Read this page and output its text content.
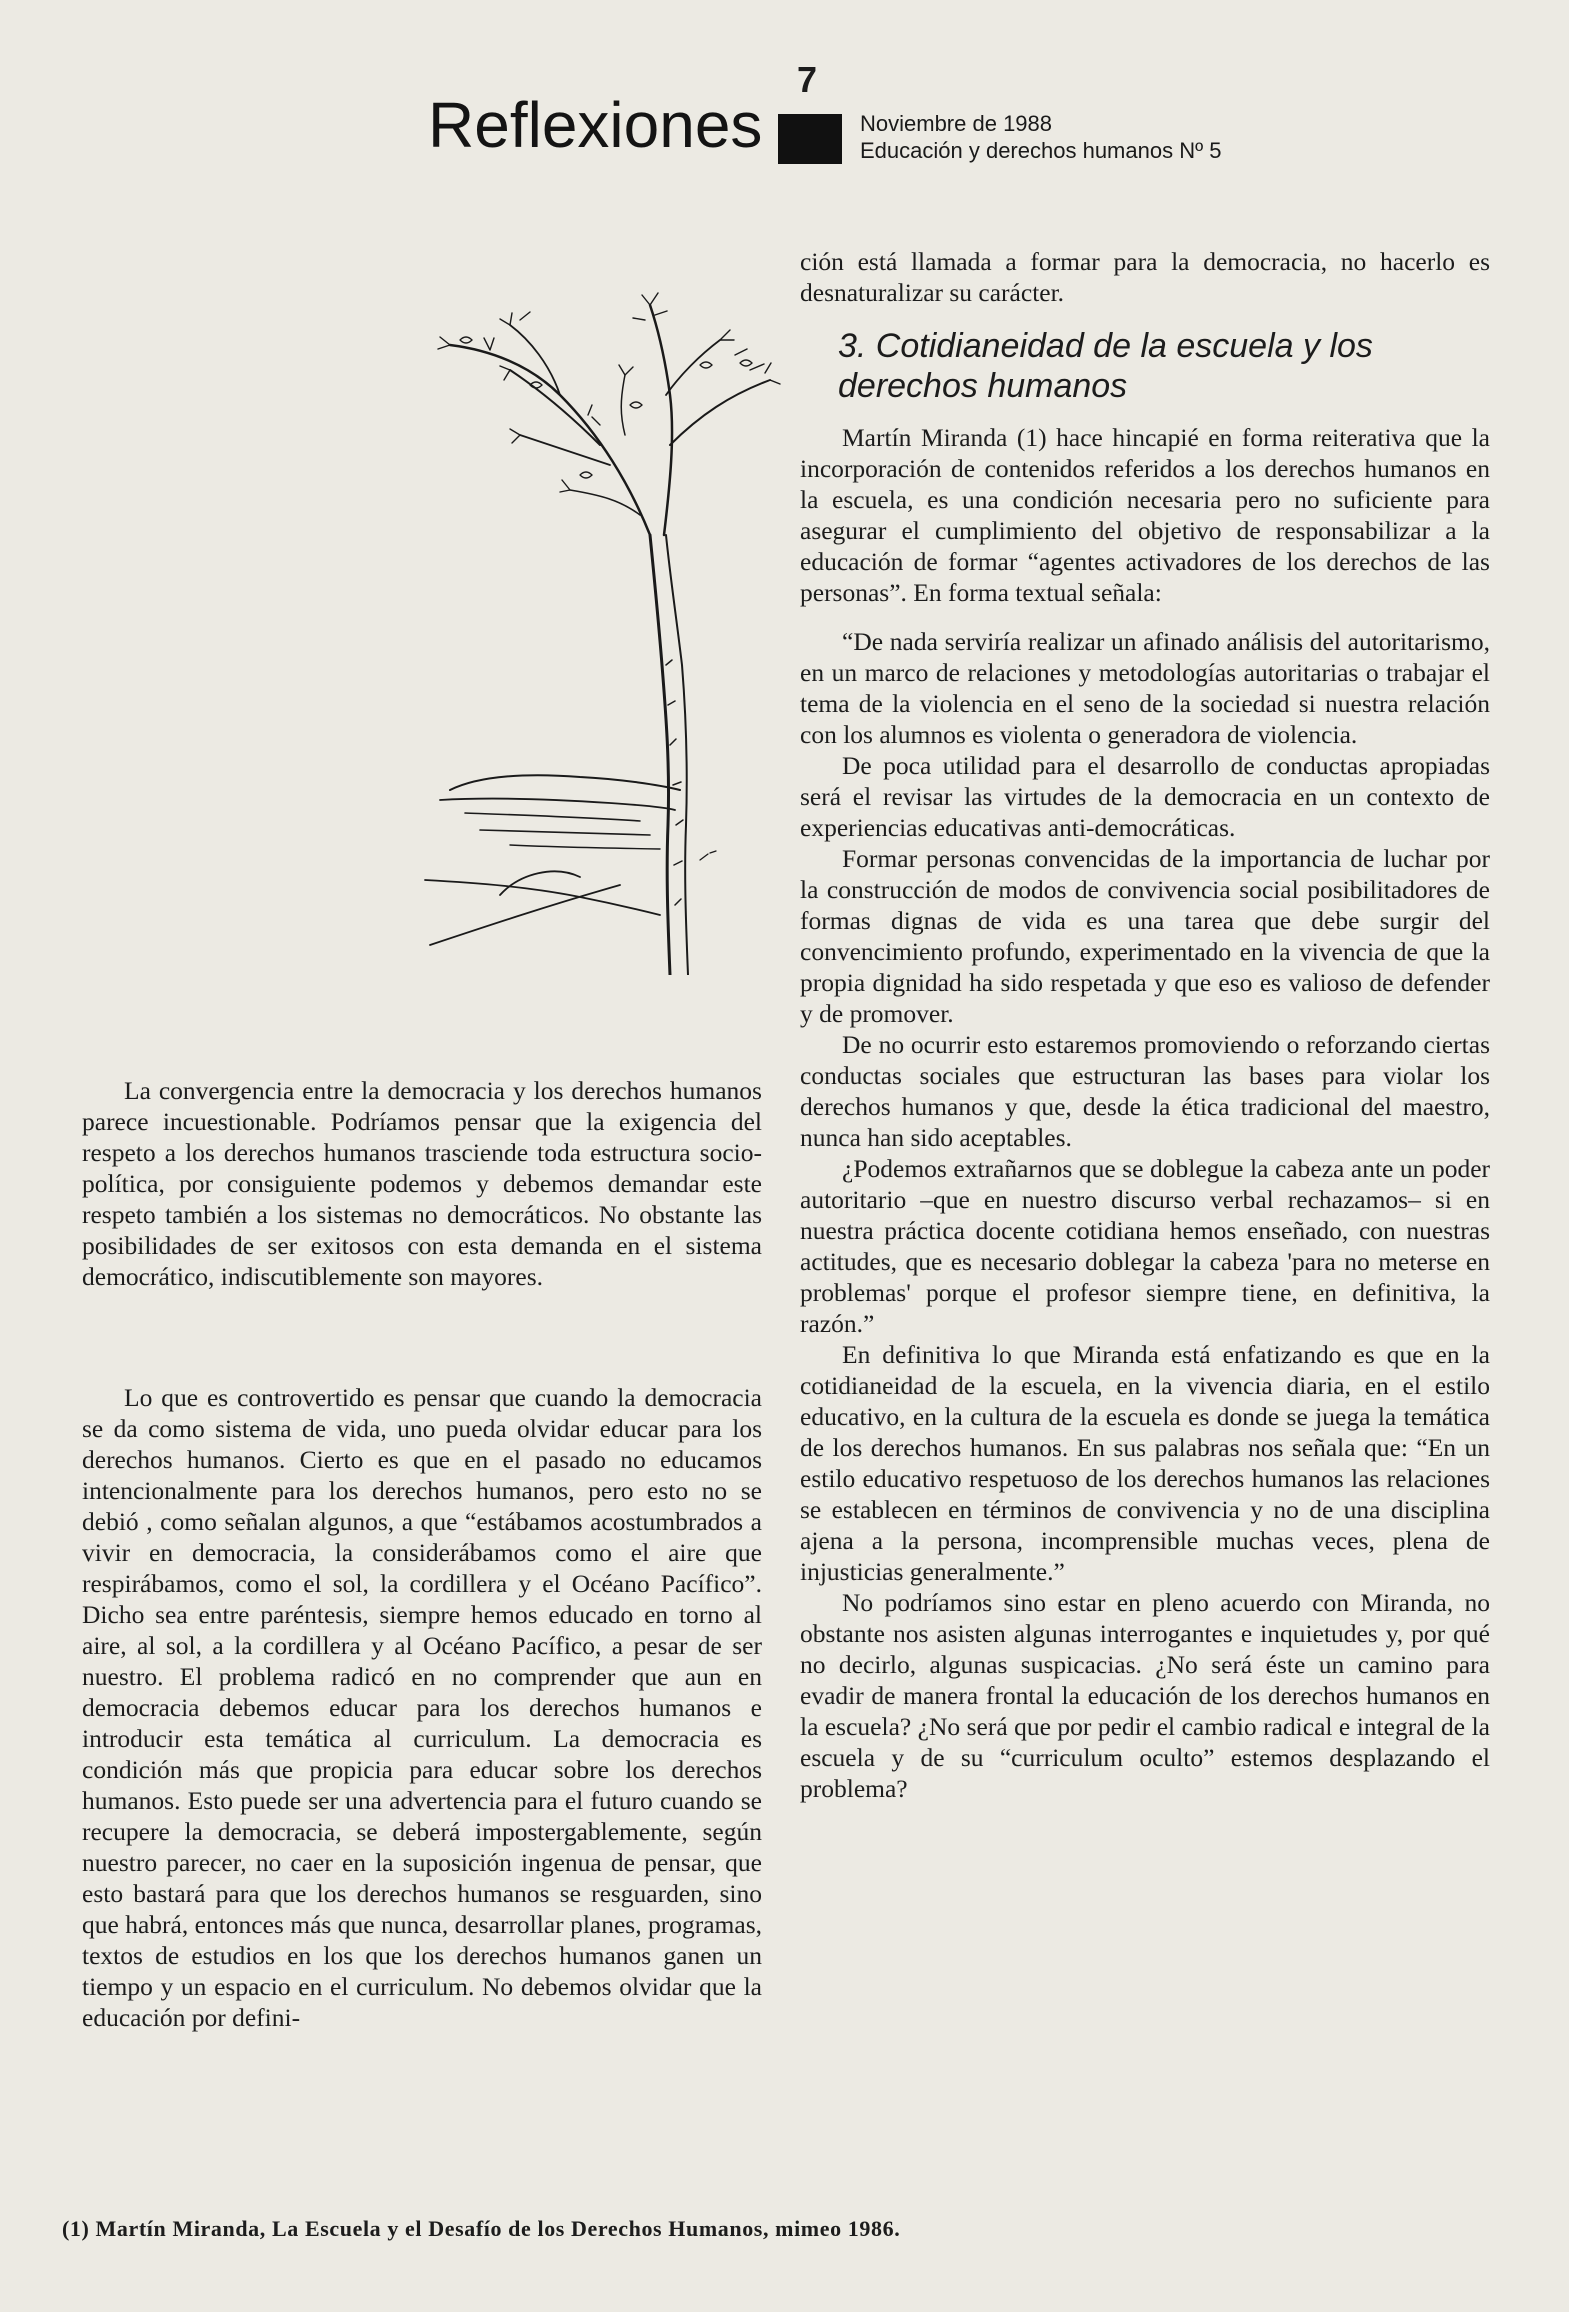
7
Reflexiones	Noviembre de 1988
Educación y derechos humanos Nº 5

La convergencia entre la democracia y los derechos humanos parece incuestionable. Podríamos pensar que la exigencia del respeto a los derechos humanos trasciende toda estructura socio-política, por consiguiente podemos y debemos demandar este respeto también a los sistemas no democráticos. No obstante las posibilidades de ser exitosos con esta demanda en el sistema democrático, indiscutiblemente son mayores.

Lo que es controvertido es pensar que cuando la democracia se da como sistema de vida, uno pueda olvidar educar para los derechos humanos. Cierto es que en el pasado no educamos intencionalmente para los derechos humanos, pero esto no se debió , como señalan algunos, a que “estábamos acostumbrados a vivir en democracia, la considerábamos como el aire que respirábamos, como el sol, la cordillera y el Océano Pacífico”. Dicho sea entre paréntesis, siempre hemos educado en torno al aire, al sol, a la cordillera y al Océano Pacífico, a pesar de ser nuestro. El problema radicó en no comprender que aun en democracia debemos educar para los derechos humanos e introducir esta temática al curriculum. La democracia es condición más que propicia para educar sobre los derechos humanos. Esto puede ser una advertencia para el futuro cuando se recupere la democracia, se deberá impostergablemente, según nuestro parecer, no caer en la suposición ingenua de pensar, que esto bastará para que los derechos humanos se resguarden, sino que habrá, entonces más que nunca, desarrollar planes, programas, textos de estudios en los que los derechos humanos ganen un tiempo y un espacio en el curriculum. No debemos olvidar que la educación por defini-

ción está llamada a formar para la democracia, no hacerlo es desnaturalizar su carácter.

3. Cotidianeidad de la escuela y los derechos humanos

Martín Miranda (1) hace hincapié en forma reiterativa que la incorporación de contenidos referidos a los derechos humanos en la escuela, es una condición necesaria pero no suficiente para asegurar el cumplimiento del objetivo de responsabilizar a la educación de formar “agentes activadores de los derechos de las personas”. En forma textual señala:

“De nada serviría realizar un afinado análisis del autoritarismo, en un marco de relaciones y metodologías autoritarias o trabajar el tema de la violencia en el seno de la sociedad si nuestra relación con los alumnos es violenta o generadora de violencia.

De poca utilidad para el desarrollo de conductas apropiadas será el revisar las virtudes de la democracia en un contexto de experiencias educativas anti-democráticas.

Formar personas convencidas de la importancia de luchar por la construcción de modos de convivencia social posibilitadores de formas dignas de vida es una tarea que debe surgir del convencimiento profundo, experimentado en la vivencia de que la propia dignidad ha sido respetada y que eso es valioso de defender y de promover.

De no ocurrir esto estaremos promoviendo o reforzando ciertas conductas sociales que estructuran las bases para violar los derechos humanos y que, desde la ética tradicional del maestro, nunca han sido aceptables.

¿Podemos extrañarnos que se doblegue la cabeza ante un poder autoritario –que en nuestro discurso verbal rechazamos– si en nuestra práctica docente cotidiana hemos enseñado, con nuestras actitudes, que es necesario doblegar la cabeza 'para no meterse en problemas' porque el profesor siempre tiene, en definitiva, la razón.”

En definitiva lo que Miranda está enfatizando es que en la cotidianeidad de la escuela, en la vivencia diaria, en el estilo educativo, en la cultura de la escuela es donde se juega la temática de los derechos humanos. En sus palabras nos señala que: “En un estilo educativo respetuoso de los derechos humanos las relaciones se establecen en términos de convivencia y no de una disciplina ajena a la persona, incomprensible muchas veces, plena de injusticias generalmente.”

No podríamos sino estar en pleno acuerdo con Miranda, no obstante nos asisten algunas interrogantes e inquietudes y, por qué no decirlo, algunas suspicacias. ¿No será éste un camino para evadir de manera frontal la educación de los derechos humanos en la escuela? ¿No será que por pedir el cambio radical e integral de la escuela y de su “curriculum oculto” estemos desplazando el problema?

(1) Martín Miranda, La Escuela y el Desafío de los Derechos Humanos, mimeo 1986.
